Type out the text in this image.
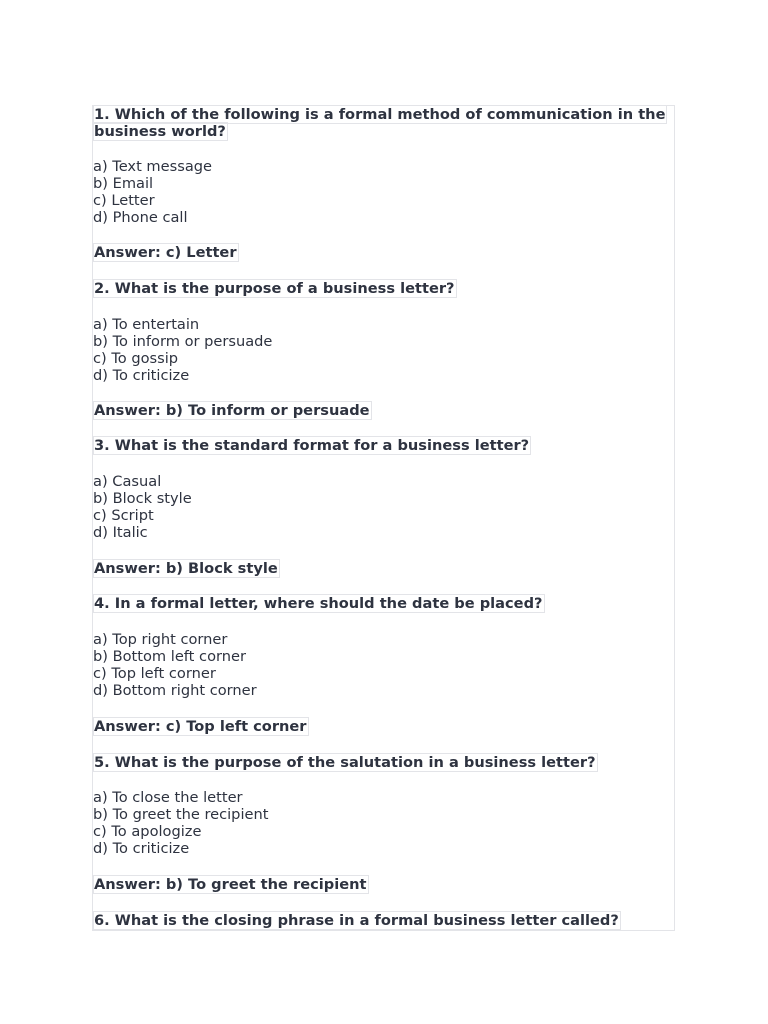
1. Which of the following is a formal method of communication in the business world?

a) Text message
b) Email
c) Letter
d) Phone call

Answer: c) Letter

2. What is the purpose of a business letter?

a) To entertain
b) To inform or persuade
c) To gossip
d) To criticize

Answer: b) To inform or persuade

3. What is the standard format for a business letter?

a) Casual
b) Block style
c) Script
d) Italic

Answer: b) Block style

4. In a formal letter, where should the date be placed?

a) Top right corner
b) Bottom left corner
c) Top left corner
d) Bottom right corner

Answer: c) Top left corner

5. What is the purpose of the salutation in a business letter?

a) To close the letter
b) To greet the recipient
c) To apologize
d) To criticize

Answer: b) To greet the recipient

6. What is the closing phrase in a formal business letter called?
